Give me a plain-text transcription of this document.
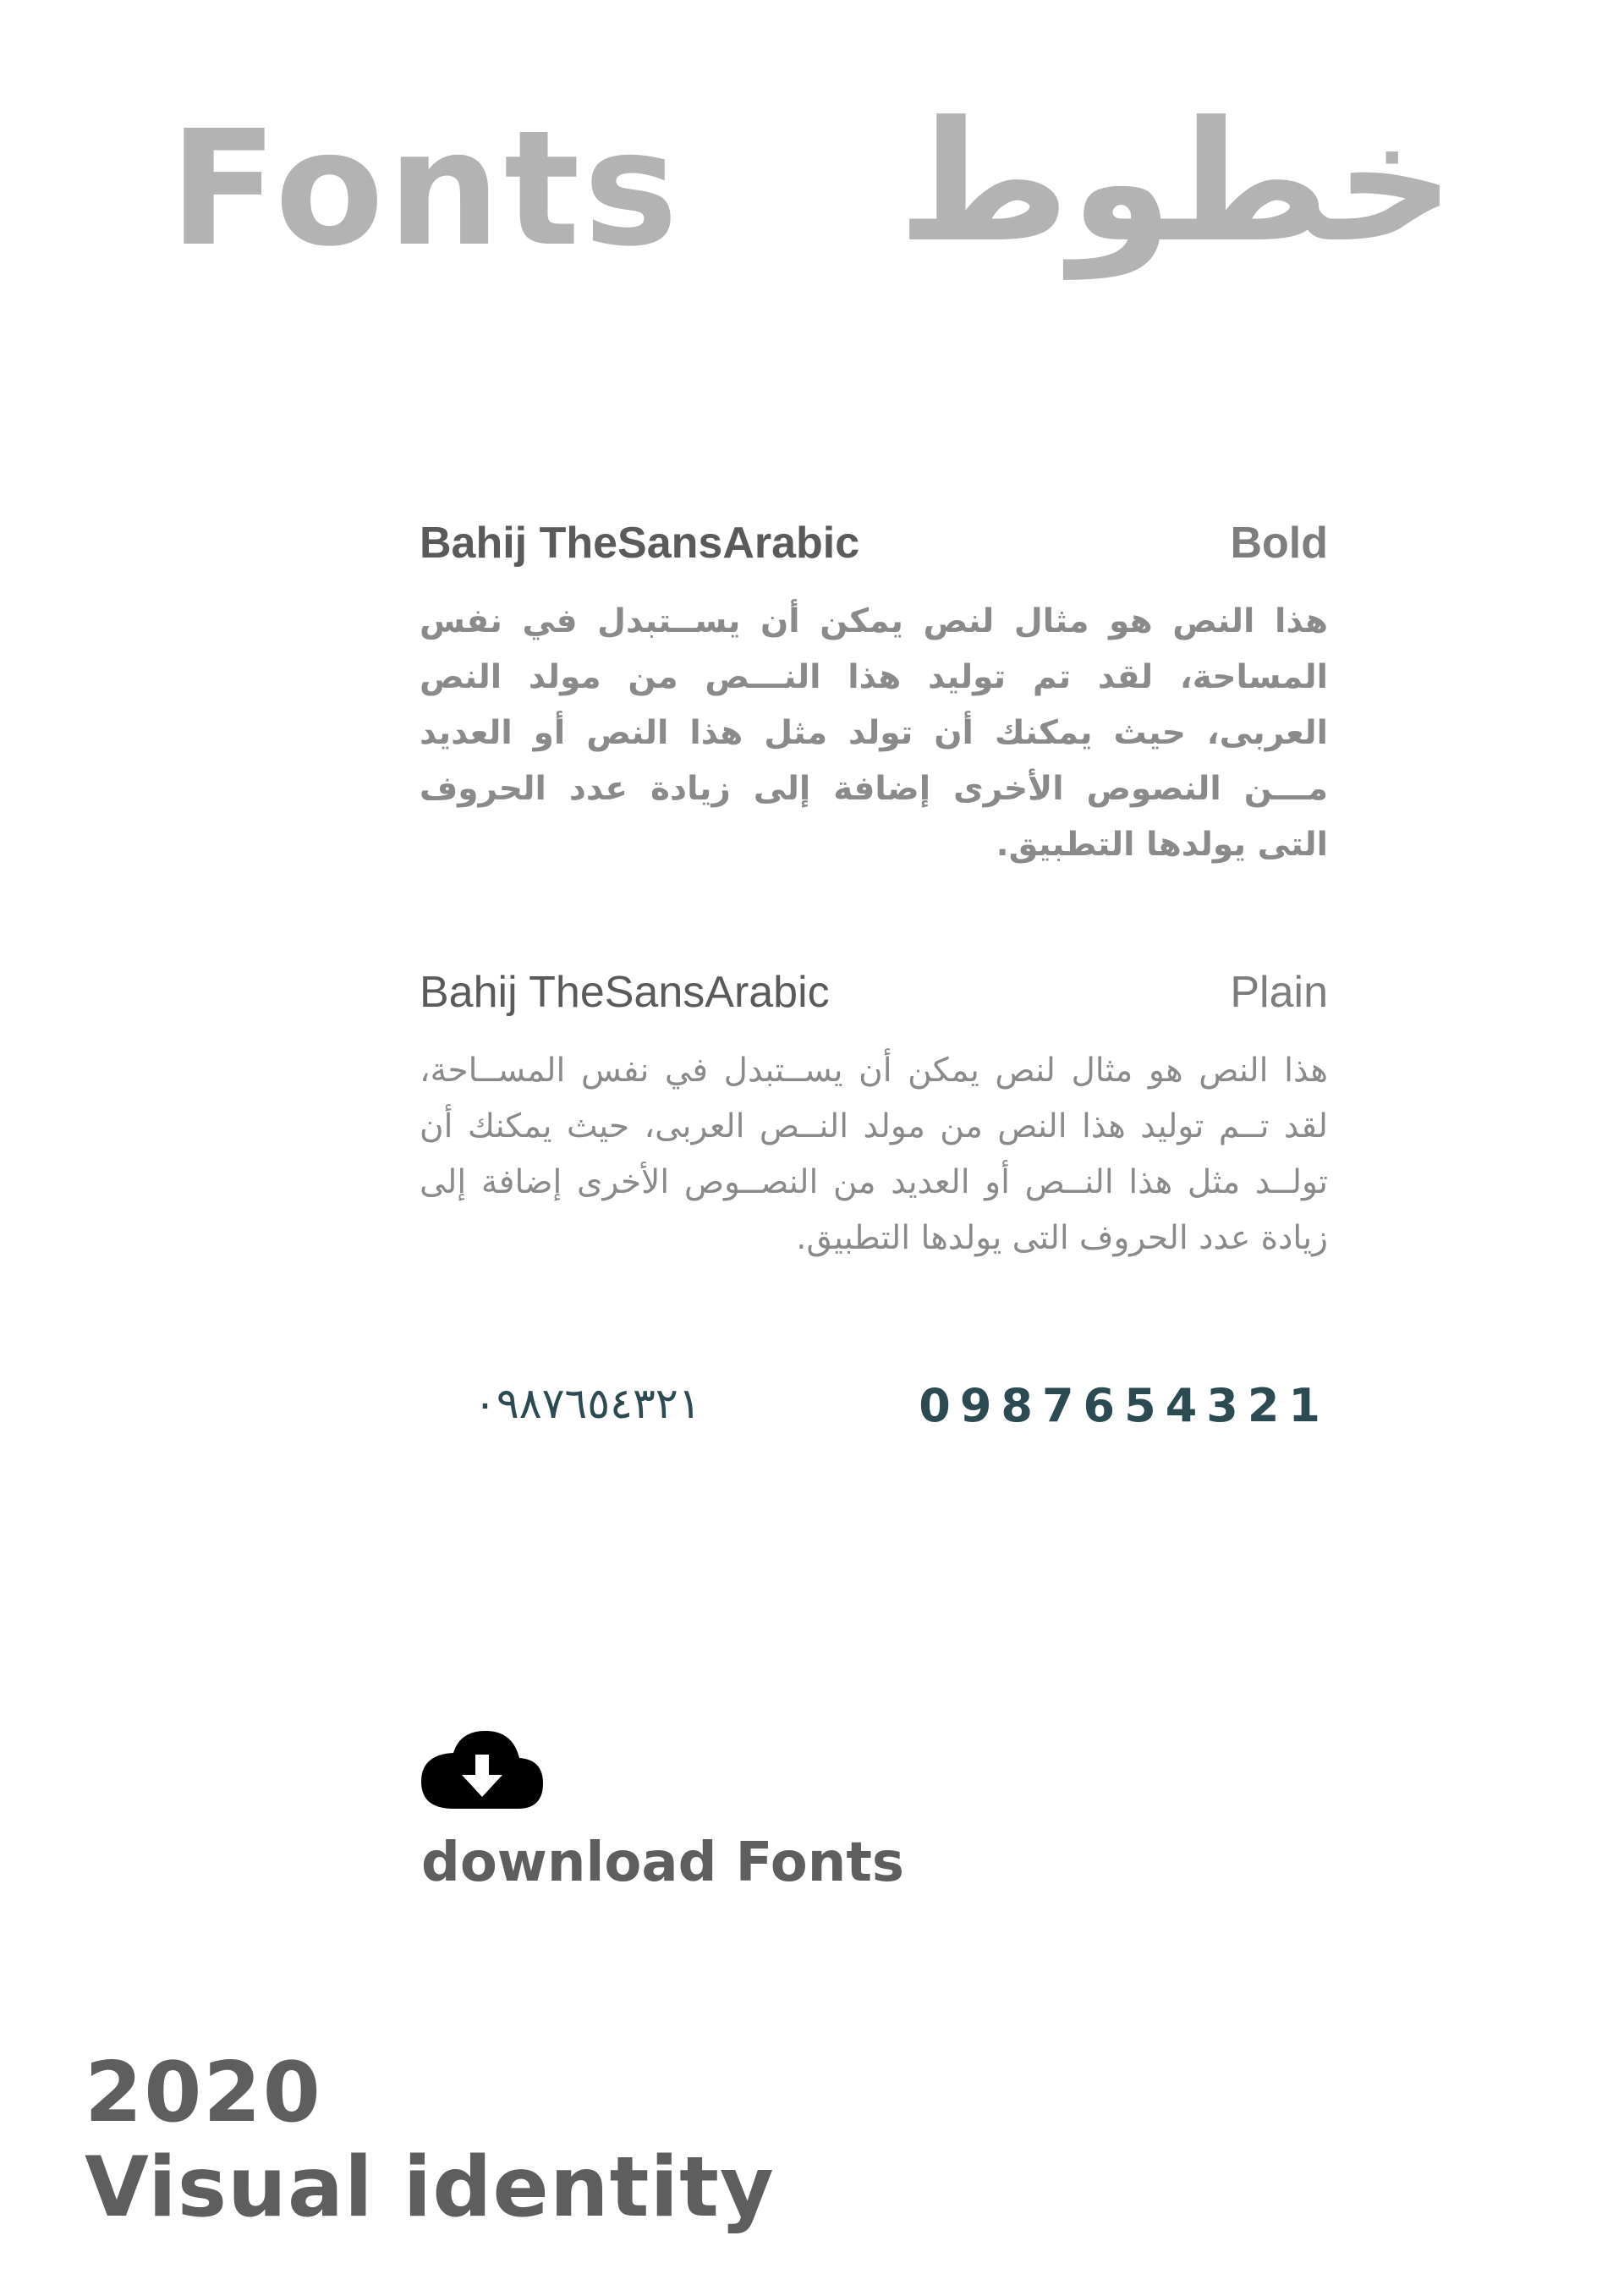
Fonts خطوط
Bahij TheSansArabic	Bold

هذا النص هو مثال لنص يمكن أن يســتبدل في نفس المساحة، لقد تم توليد هذا النـــص من مولد النص العربى، حيث يمكنك أن تولد مثل هذا النص أو العديد مـــن النصوص الأخرى إضافة إلى زيادة عدد الحروف التى يولدها التطبيق.

Bahij TheSansArabic	Plain

هذا النص هو مثال لنص يمكن أن يســتبدل في نفس المســاحة، لقد تــم توليد هذا النص من مولد النــص العربى، حيث يمكنك أن تولــد مثل هذا النــص أو العديد من النصــوص الأخرى إضافة إلى زيادة عدد الحروف التى يولدها التطبيق.

٠٩٨٧٦٥٤٣٢١	0987654321
download Fonts
2020
Visual identity
